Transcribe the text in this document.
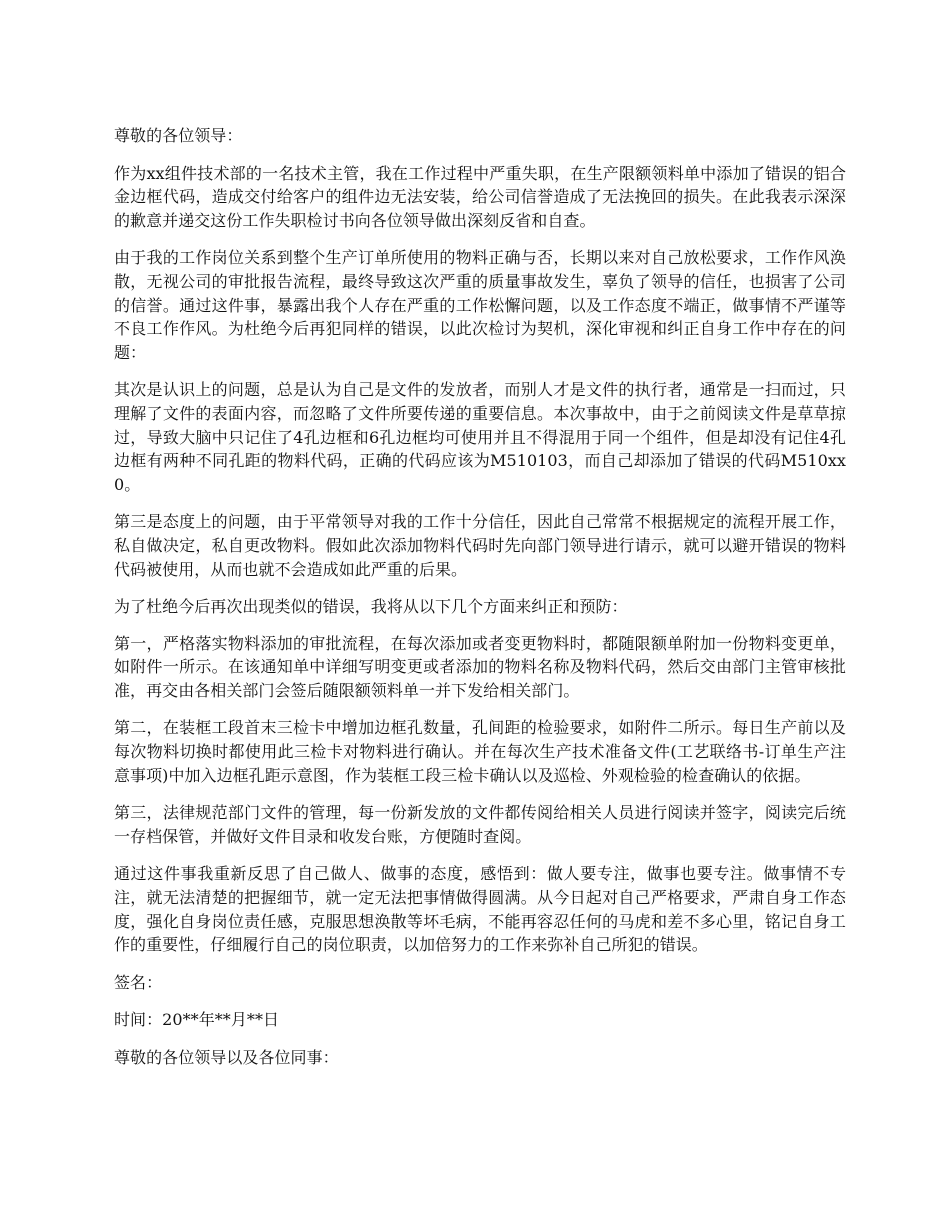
尊敬的各位领导：

作为xx组件技术部的一名技术主管，我在工作过程中严重失职，在生产限额领料单中添加了错误的铝合金边框代码，造成交付给客户的组件边无法安装，给公司信誉造成了无法挽回的损失。在此我表示深深的歉意并递交这份工作失职检讨书向各位领导做出深刻反省和自查。

由于我的工作岗位关系到整个生产订单所使用的物料正确与否，长期以来对自己放松要求，工作作风涣散，无视公司的审批报告流程，最终导致这次严重的质量事故发生，辜负了领导的信任，也损害了公司的信誉。通过这件事，暴露出我个人存在严重的工作松懈问题，以及工作态度不端正，做事情不严谨等不良工作作风。为杜绝今后再犯同样的错误，以此次检讨为契机，深化审视和纠正自身工作中存在的问题：

其次是认识上的问题，总是认为自己是文件的发放者，而别人才是文件的执行者，通常是一扫而过，只理解了文件的表面内容，而忽略了文件所要传递的重要信息。本次事故中，由于之前阅读文件是草草掠过，导致大脑中只记住了4孔边框和6孔边框均可使用并且不得混用于同一个组件，但是却没有记住4孔边框有两种不同孔距的物料代码，正确的代码应该为M510103，而自己却添加了错误的代码M510xx0。

第三是态度上的问题，由于平常领导对我的工作十分信任，因此自己常常不根据规定的流程开展工作，私自做决定，私自更改物料。假如此次添加物料代码时先向部门领导进行请示，就可以避开错误的物料代码被使用，从而也就不会造成如此严重的后果。

为了杜绝今后再次出现类似的错误，我将从以下几个方面来纠正和预防：

第一，严格落实物料添加的审批流程，在每次添加或者变更物料时，都随限额单附加一份物料变更单，如附件一所示。在该通知单中详细写明变更或者添加的物料名称及物料代码，然后交由部门主管审核批准，再交由各相关部门会签后随限额领料单一并下发给相关部门。

第二，在装框工段首末三检卡中增加边框孔数量，孔间距的检验要求，如附件二所示。每日生产前以及每次物料切换时都使用此三检卡对物料进行确认。并在每次生产技术准备文件(工艺联络书-订单生产注意事项)中加入边框孔距示意图，作为装框工段三检卡确认以及巡检、外观检验的检查确认的依据。

第三，法律规范部门文件的管理，每一份新发放的文件都传阅给相关人员进行阅读并签字，阅读完后统一存档保管，并做好文件目录和收发台账，方便随时查阅。

通过这件事我重新反思了自己做人、做事的态度，感悟到：做人要专注，做事也要专注。做事情不专注，就无法清楚的把握细节，就一定无法把事情做得圆满。从今日起对自己严格要求，严肃自身工作态度，强化自身岗位责任感，克服思想涣散等坏毛病，不能再容忍任何的马虎和差不多心里，铭记自身工作的重要性，仔细履行自己的岗位职责，以加倍努力的工作来弥补自己所犯的错误。

签名：

时间：20**年**月**日

尊敬的各位领导以及各位同事：
